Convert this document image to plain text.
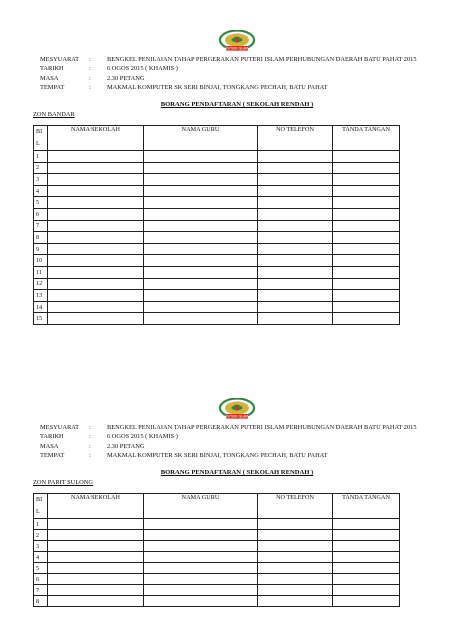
PUTERI ISLAM
MESYUARAT :	BENGKEL PENILAIAN TAHAP PERGERAKAN PUTERI ISLAM PERHUBUNGAN DAERAH BATU PAHAT 2015
TARIKH	:	6 OGOS 2015 ( KHAMIS )
MASA	:	2.30 PETANG
TEMPAT	:	MAKMAL KOMPUTER SK SERI BINJAI, TONGKANG PECHAH, BATU PAHAT
BORANG PENDAFTARAN ( SEKOLAH RENDAH )
ZON BANDAR
BI
L	NAMA SEKOLAH	NAMA GURU	NO TELEFON	TANDA TANGAN
1				
2				
3				
4				
5				
6				
7				
8				
9				
10				
11				
12				
13				
14				
15				
PUTERI ISLAM
MESYUARAT :	BENGKEL PENILAIAN TAHAP PERGERAKAN PUTERI ISLAM PERHUBUNGAN DAERAH BATU PAHAT 2015
TARIKH	:	6 OGOS 2015 ( KHAMIS )
MASA	:	2.30 PETANG
TEMPAT	:	MAKMAL KOMPUTER SK SERI BINJAI, TONGKANG PECHAH, BATU PAHAT
BORANG PENDAFTARAN ( SEKOLAH RENDAH )
ZON PARIT SULONG
BI
L	NAMA SEKOLAH	NAMA GURU	NO TELEFON	TANDA TANGAN
1				
2				
3				
4				
5				
6				
7				
8				
